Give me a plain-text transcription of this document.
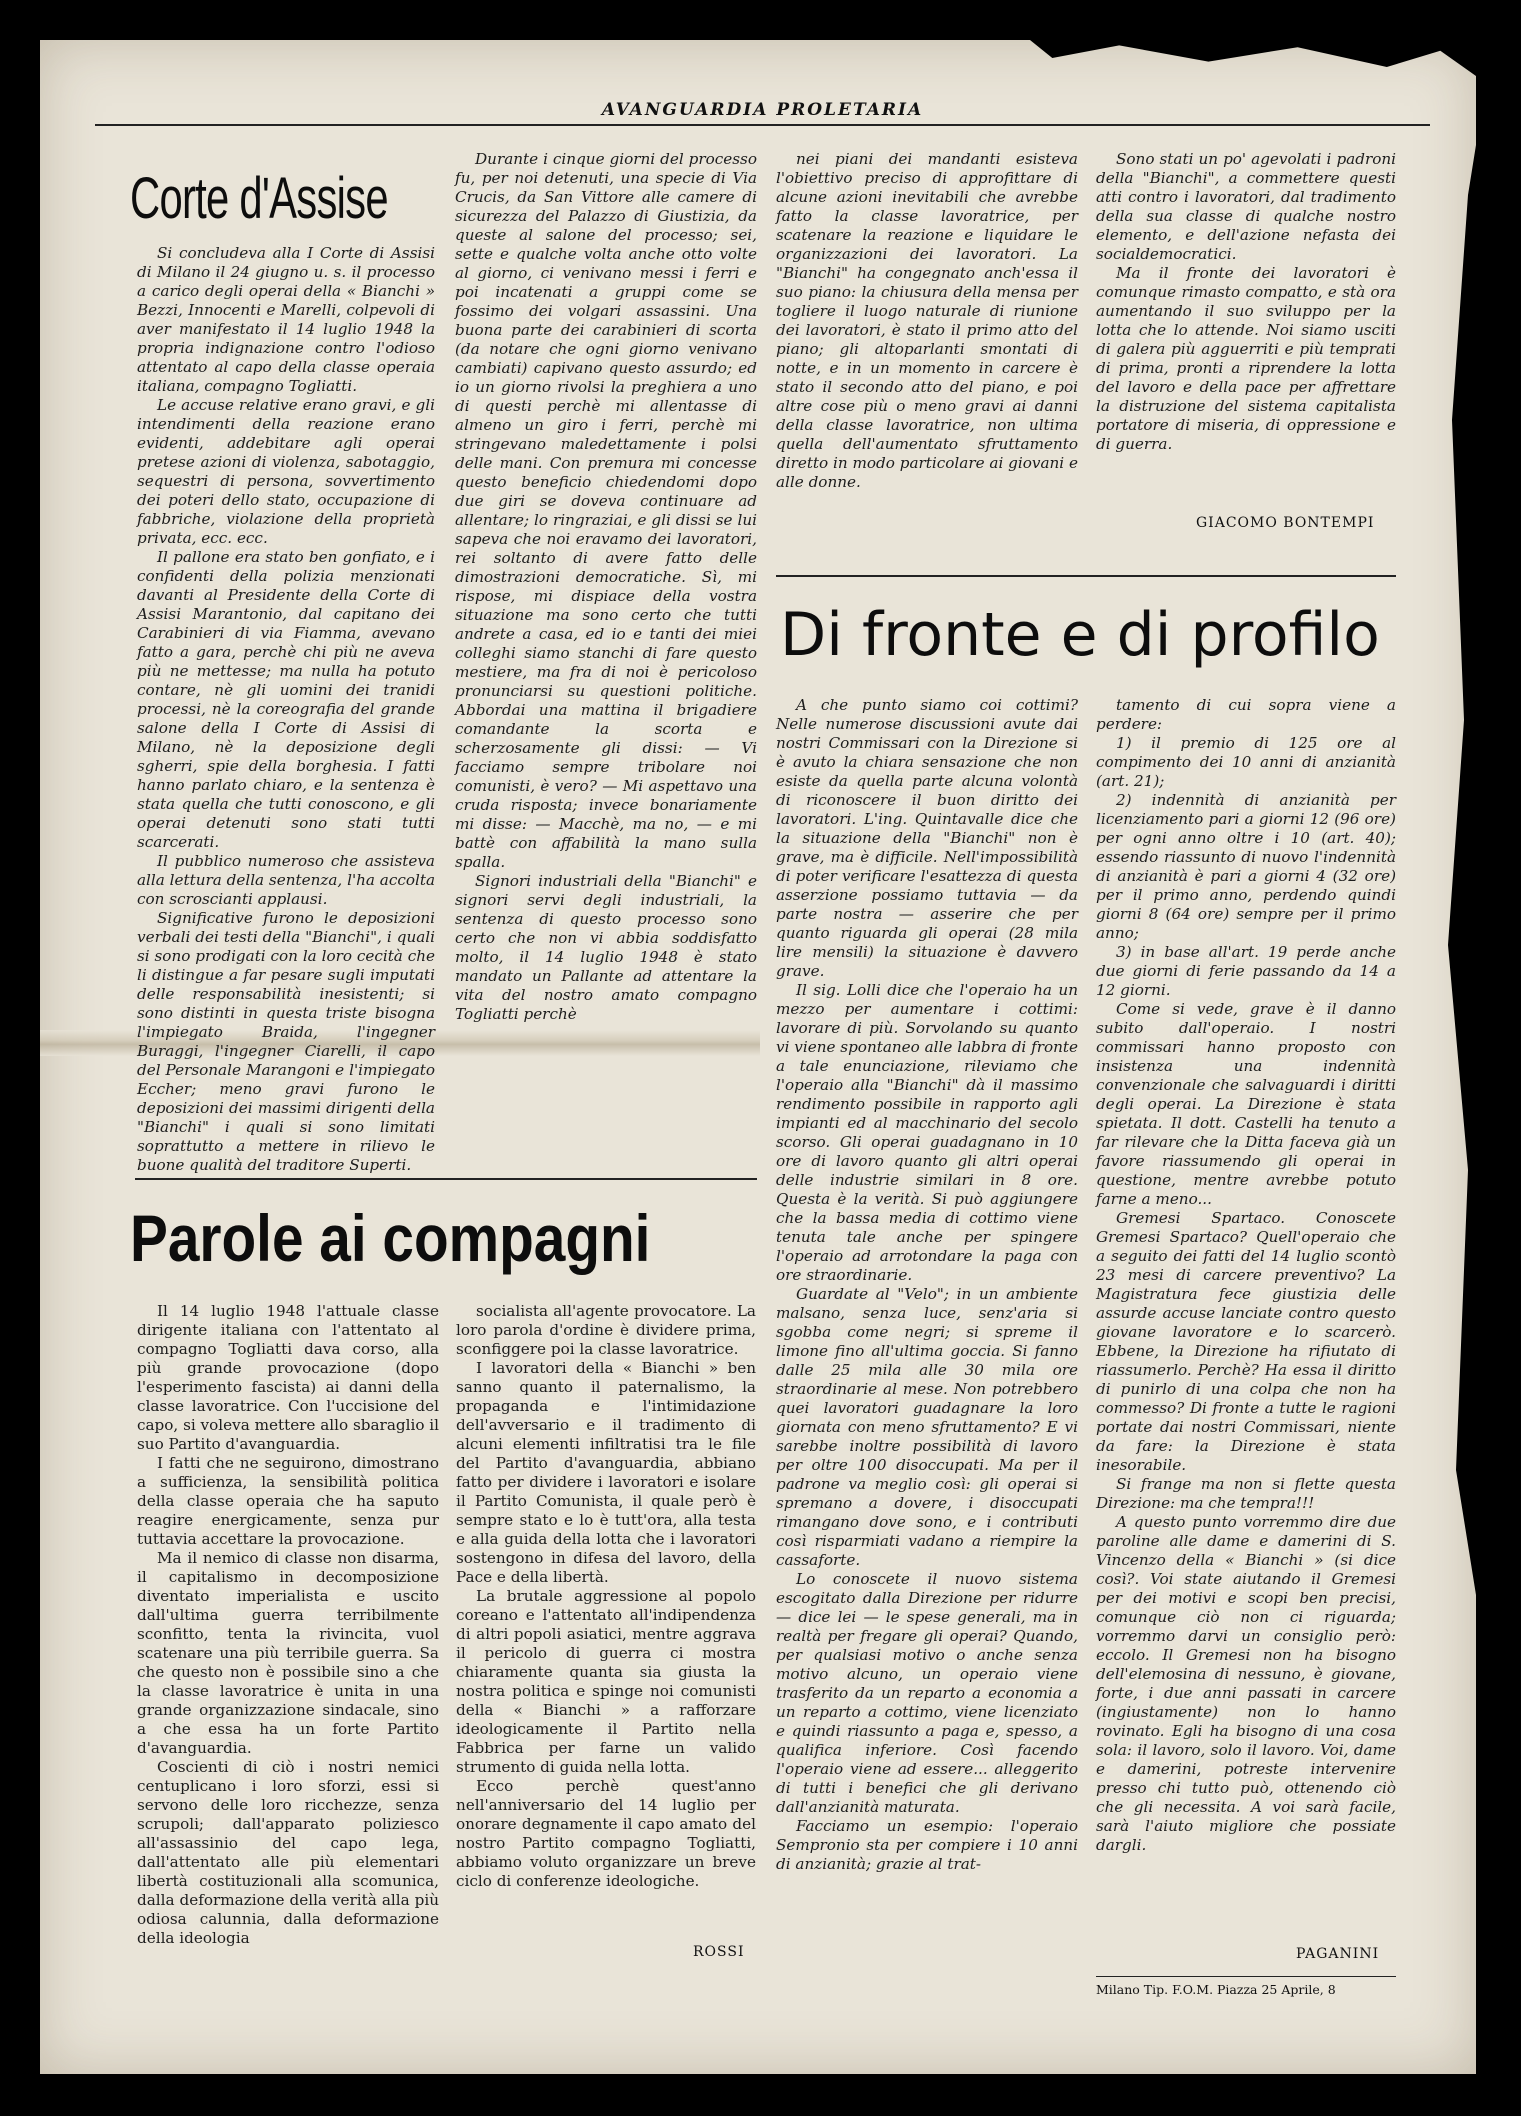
AVANGUARDIA PROLETARIA
Corte d'Assise

Si concludeva alla I Corte di Assisi di Milano il 24 giugno u. s. il processo a carico degli operai della « Bianchi » Bezzi, Innocenti e Marelli, colpevoli di aver manifestato il 14 luglio 1948 la propria indignazione contro l'odioso attentato al capo della classe operaia italiana, compagno Togliatti.

Le accuse relative erano gravi, e gli intendimenti della reazione erano evidenti, addebitare agli operai pretese azioni di violenza, sabotaggio, sequestri di persona, sovvertimento dei poteri dello stato, occupazione di fabbriche, violazione della proprietà privata, ecc. ecc.

Il pallone era stato ben gonfiato, e i confidenti della polizia menzionati davanti al Presidente della Corte di Assisi Marantonio, dal capitano dei Carabinieri di via Fiamma, avevano fatto a gara, perchè chi più ne aveva più ne mettesse; ma nulla ha potuto contare, nè gli uomini dei tranidi processi, nè la coreografia del grande salone della I Corte di Assisi di Milano, nè la deposizione degli sgherri, spie della borghesia. I fatti hanno parlato chiaro, e la sentenza è stata quella che tutti conoscono, e gli operai detenuti sono stati tutti scarcerati.

Il pubblico numeroso che assisteva alla lettura della sentenza, l'ha accolta con scroscianti applausi.

Significative furono le deposizioni verbali dei testi della "Bianchi", i quali si sono prodigati con la loro cecità che li distingue a far pesare sugli imputati delle responsabilità inesistenti; si sono distinti in questa triste bisogna l'impiegato Braida, l'ingegner Buraggi, l'ingegner Ciarelli, il capo del Personale Marangoni e l'impiegato Eccher; meno gravi furono le deposizioni dei massimi dirigenti della "Bianchi" i quali si sono limitati soprattutto a mettere in rilievo le buone qualità del traditore Superti.

Durante i cinque giorni del processo fu, per noi detenuti, una specie di Via Crucis, da San Vittore alle camere di sicurezza del Palazzo di Giustizia, da queste al salone del processo; sei, sette e qualche volta anche otto volte al giorno, ci venivano messi i ferri e poi incatenati a gruppi come se fossimo dei volgari assassini. Una buona parte dei carabinieri di scorta (da notare che ogni giorno venivano cambiati) capivano questo assurdo; ed io un giorno rivolsi la preghiera a uno di questi perchè mi allentasse di almeno un giro i ferri, perchè mi stringevano maledettamente i polsi delle mani. Con premura mi concesse questo beneficio chiedendomi dopo due giri se doveva continuare ad allentare; lo ringraziai, e gli dissi se lui sapeva che noi eravamo dei lavoratori, rei soltanto di avere fatto delle dimostrazioni democratiche. Sì, mi rispose, mi dispiace della vostra situazione ma sono certo che tutti andrete a casa, ed io e tanti dei miei colleghi siamo stanchi di fare questo mestiere, ma fra di noi è pericoloso pronunciarsi su questioni politiche. Abbordai una mattina il brigadiere comandante la scorta e scherzosamente gli dissi: — Vi facciamo sempre tribolare noi comunisti, è vero? — Mi aspettavo una cruda risposta; invece bonariamente mi disse: — Macchè, ma no, — e mi battè con affabilità la mano sulla spalla.

Signori industriali della "Bianchi" e signori servi degli industriali, la sentenza di questo processo sono certo che non vi abbia soddisfatto molto, il 14 luglio 1948 è stato mandato un Pallante ad attentare la vita del nostro amato compagno Togliatti perchè

nei piani dei mandanti esisteva l'obiettivo preciso di approfittare di alcune azioni inevitabili che avrebbe fatto la classe lavoratrice, per scatenare la reazione e liquidare le organizzazioni dei lavoratori. La "Bianchi" ha congegnato anch'essa il suo piano: la chiusura della mensa per togliere il luogo naturale di riunione dei lavoratori, è stato il primo atto del piano; gli altoparlanti smontati di notte, e in un momento in carcere è stato il secondo atto del piano, e poi altre cose più o meno gravi ai danni della classe lavoratrice, non ultima quella dell'aumentato sfruttamento diretto in modo particolare ai giovani e alle donne.

Sono stati un po' agevolati i padroni della "Bianchi", a commettere questi atti contro i lavoratori, dal tradimento della sua classe di qualche nostro elemento, e dell'azione nefasta dei socialdemocratici.

Ma il fronte dei lavoratori è comunque rimasto compatto, e stà ora aumentando il suo sviluppo per la lotta che lo attende. Noi siamo usciti di galera più agguerriti e più temprati di prima, pronti a riprendere la lotta del lavoro e della pace per affrettare la distruzione del sistema capitalista portatore di miseria, di oppressione e di guerra.

GIACOMO BONTEMPI
Di fronte e di profilo

A che punto siamo coi cottimi? Nelle numerose discussioni avute dai nostri Commissari con la Direzione si è avuto la chiara sensazione che non esiste da quella parte alcuna volontà di riconoscere il buon diritto dei lavoratori. L'ing. Quintavalle dice che la situazione della "Bianchi" non è grave, ma è difficile. Nell'impossibilità di poter verificare l'esattezza di questa asserzione possiamo tuttavia — da parte nostra — asserire che per quanto riguarda gli operai (28 mila lire mensili) la situazione è davvero grave.

Il sig. Lolli dice che l'operaio ha un mezzo per aumentare i cottimi: lavorare di più. Sorvolando su quanto vi viene spontaneo alle labbra di fronte a tale enunciazione, rileviamo che l'operaio alla "Bianchi" dà il massimo rendimento possibile in rapporto agli impianti ed al macchinario del secolo scorso. Gli operai guadagnano in 10 ore di lavoro quanto gli altri operai delle industrie similari in 8 ore. Questa è la verità. Si può aggiungere che la bassa media di cottimo viene tenuta tale anche per spingere l'operaio ad arrotondare la paga con ore straordinarie.

Guardate al "Velo"; in un ambiente malsano, senza luce, senz'aria si sgobba come negri; si spreme il limone fino all'ultima goccia. Si fanno dalle 25 mila alle 30 mila ore straordinarie al mese. Non potrebbero quei lavoratori guadagnare la loro giornata con meno sfruttamento? E vi sarebbe inoltre possibilità di lavoro per oltre 100 disoccupati. Ma per il padrone va meglio così: gli operai si spremano a dovere, i disoccupati rimangano dove sono, e i contributi così risparmiati vadano a riempire la cassaforte.

Lo conoscete il nuovo sistema escogitato dalla Direzione per ridurre — dice lei — le spese generali, ma in realtà per fregare gli operai? Quando, per qualsiasi motivo o anche senza motivo alcuno, un operaio viene trasferito da un reparto a economia a un reparto a cottimo, viene licenziato e quindi riassunto a paga e, spesso, a qualifica inferiore. Così facendo l'operaio viene ad essere... alleggerito di tutti i benefici che gli derivano dall'anzianità maturata.

Facciamo un esempio: l'operaio Sempronio sta per compiere i 10 anni di anzianità; grazie al trat-

tamento di cui sopra viene a perdere:

1) il premio di 125 ore al compimento dei 10 anni di anzianità (art. 21);

2) indennità di anzianità per licenziamento pari a giorni 12 (96 ore) per ogni anno oltre i 10 (art. 40); essendo riassunto di nuovo l'indennità di anzianità è pari a giorni 4 (32 ore) per il primo anno, perdendo quindi giorni 8 (64 ore) sempre per il primo anno;

3) in base all'art. 19 perde anche due giorni di ferie passando da 14 a 12 giorni.

Come si vede, grave è il danno subito dall'operaio. I nostri commissari hanno proposto con insistenza una indennità convenzionale che salvaguardi i diritti degli operai. La Direzione è stata spietata. Il dott. Castelli ha tenuto a far rilevare che la Ditta faceva già un favore riassumendo gli operai in questione, mentre avrebbe potuto farne a meno...

Gremesi Spartaco. Conoscete Gremesi Spartaco? Quell'operaio che a seguito dei fatti del 14 luglio scontò 23 mesi di carcere preventivo? La Magistratura fece giustizia delle assurde accuse lanciate contro questo giovane lavoratore e lo scarcerò. Ebbene, la Direzione ha rifiutato di riassumerlo. Perchè? Ha essa il diritto di punirlo di una colpa che non ha commesso? Di fronte a tutte le ragioni portate dai nostri Commissari, niente da fare: la Direzione è stata inesorabile.

Si frange ma non si flette questa Direzione: ma che tempra!!!

A questo punto vorremmo dire due paroline alle dame e damerini di S. Vincenzo della « Bianchi » (si dice così?. Voi state aiutando il Gremesi per dei motivi e scopi ben precisi, comunque ciò non ci riguarda; vorremmo darvi un consiglio però: eccolo. Il Gremesi non ha bisogno dell'elemosina di nessuno, è giovane, forte, i due anni passati in carcere (ingiustamente) non lo hanno rovinato. Egli ha bisogno di una cosa sola: il lavoro, solo il lavoro. Voi, dame e damerini, potreste intervenire presso chi tutto può, ottenendo ciò che gli necessita. A voi sarà facile, sarà l'aiuto migliore che possiate dargli.

PAGANINI
Milano Tip. F.O.M. Piazza 25 Aprile, 8
Parole ai compagni

Il 14 luglio 1948 l'attuale classe dirigente italiana con l'attentato al compagno Togliatti dava corso, alla più grande provocazione (dopo l'esperimento fascista) ai danni della classe lavoratrice. Con l'uccisione del capo, si voleva mettere allo sbaraglio il suo Partito d'avanguardia.

I fatti che ne seguirono, dimostrano a sufficienza, la sensibilità politica della classe operaia che ha saputo reagire energicamente, senza pur tuttavia accettare la provocazione.

Ma il nemico di classe non disarma, il capitalismo in decomposizione diventato imperialista e uscito dall'ultima guerra terribilmente sconfitto, tenta la rivincita, vuol scatenare una più terribile guerra. Sa che questo non è possibile sino a che la classe lavoratrice è unita in una grande organizzazione sindacale, sino a che essa ha un forte Partito d'avanguardia.

Coscienti di ciò i nostri nemici centuplicano i loro sforzi, essi si servono delle loro ricchezze, senza scrupoli; dall'apparato poliziesco all'assassinio del capo lega, dall'attentato alle più elementari libertà costituzionali alla scomunica, dalla deformazione della verità alla più odiosa calunnia, dalla deformazione della ideologia

socialista all'agente provocatore. La loro parola d'ordine è dividere prima, sconfiggere poi la classe lavoratrice.

I lavoratori della « Bianchi » ben sanno quanto il paternalismo, la propaganda e l'intimidazione dell'avversario e il tradimento di alcuni elementi infiltratisi tra le file del Partito d'avanguardia, abbiano fatto per dividere i lavoratori e isolare il Partito Comunista, il quale però è sempre stato e lo è tutt'ora, alla testa e alla guida della lotta che i lavoratori sostengono in difesa del lavoro, della Pace e della libertà.

La brutale aggressione al popolo coreano e l'attentato all'indipendenza di altri popoli asiatici, mentre aggrava il pericolo di guerra ci mostra chiaramente quanta sia giusta la nostra politica e spinge noi comunisti della « Bianchi » a rafforzare ideologicamente il Partito nella Fabbrica per farne un valido strumento di guida nella lotta.

Ecco perchè quest'anno nell'anniversario del 14 luglio per onorare degnamente il capo amato del nostro Partito compagno Togliatti, abbiamo voluto organizzare un breve ciclo di conferenze ideologiche.

ROSSI
